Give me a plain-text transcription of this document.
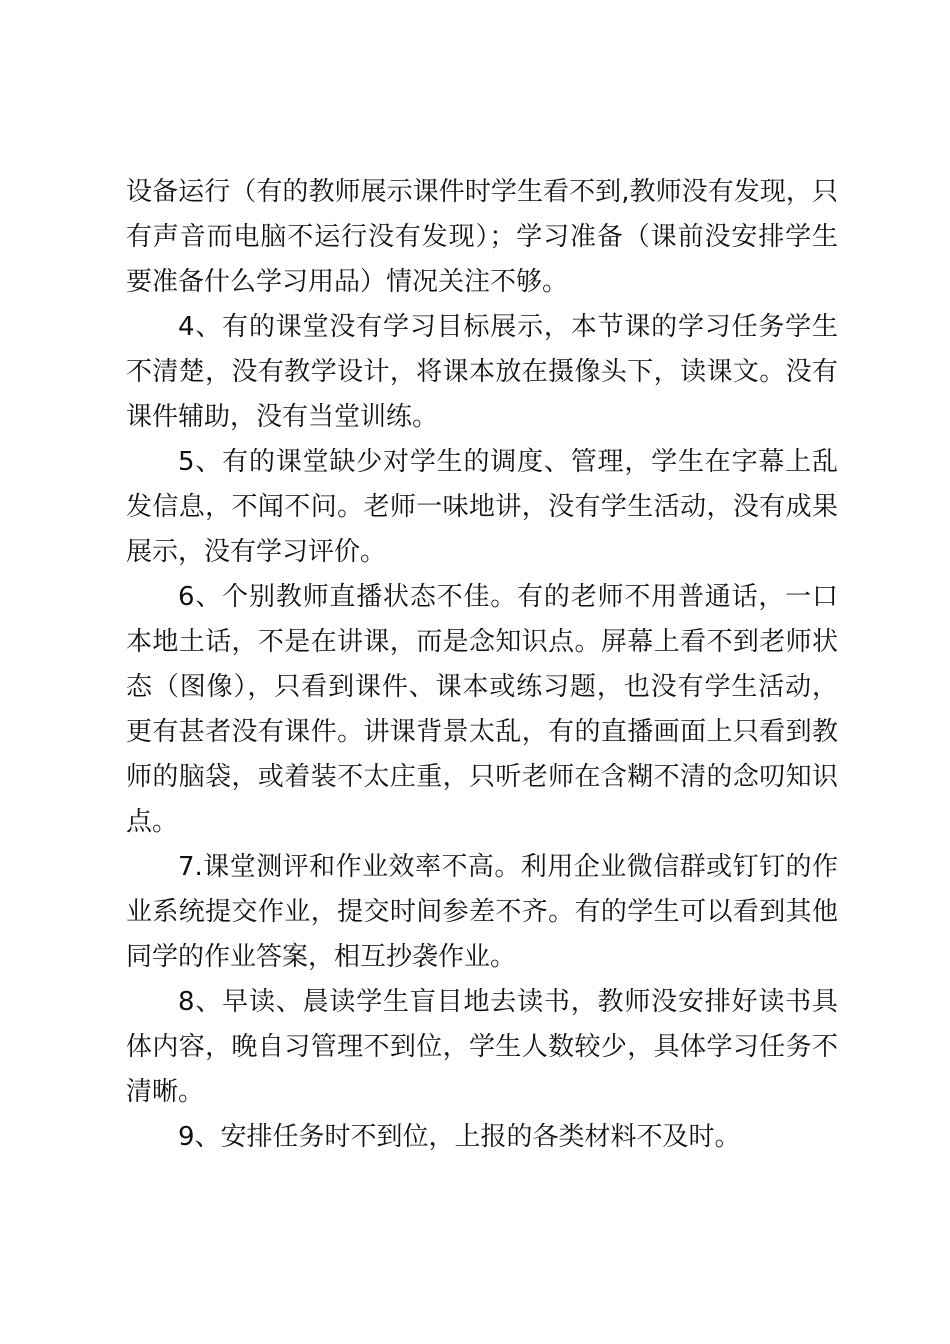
设备运行（有的教师展示课件时学生看不到,教师没有发现，只有声音而电脑不运行没有发现）；学习准备（课前没安排学生要准备什么学习用品）情况关注不够。

4、有的课堂没有学习目标展示，本节课的学习任务学生不清楚，没有教学设计，将课本放在摄像头下，读课文。没有课件辅助，没有当堂训练。

5、有的课堂缺少对学生的调度、管理，学生在字幕上乱发信息，不闻不问。老师一味地讲，没有学生活动，没有成果展示，没有学习评价。

6、个别教师直播状态不佳。有的老师不用普通话，一口本地土话，不是在讲课，而是念知识点。屏幕上看不到老师状态（图像），只看到课件、课本或练习题，也没有学生活动，更有甚者没有课件。讲课背景太乱，有的直播画面上只看到教师的脑袋，或着装不太庄重，只听老师在含糊不清的念叨知识点。

7.课堂测评和作业效率不高。利用企业微信群或钉钉的作业系统提交作业，提交时间参差不齐。有的学生可以看到其他同学的作业答案，相互抄袭作业。

8、早读、晨读学生盲目地去读书，教师没安排好读书具体内容，晚自习管理不到位，学生人数较少，具体学习任务不清晰。

9、安排任务时不到位，上报的各类材料不及时。
